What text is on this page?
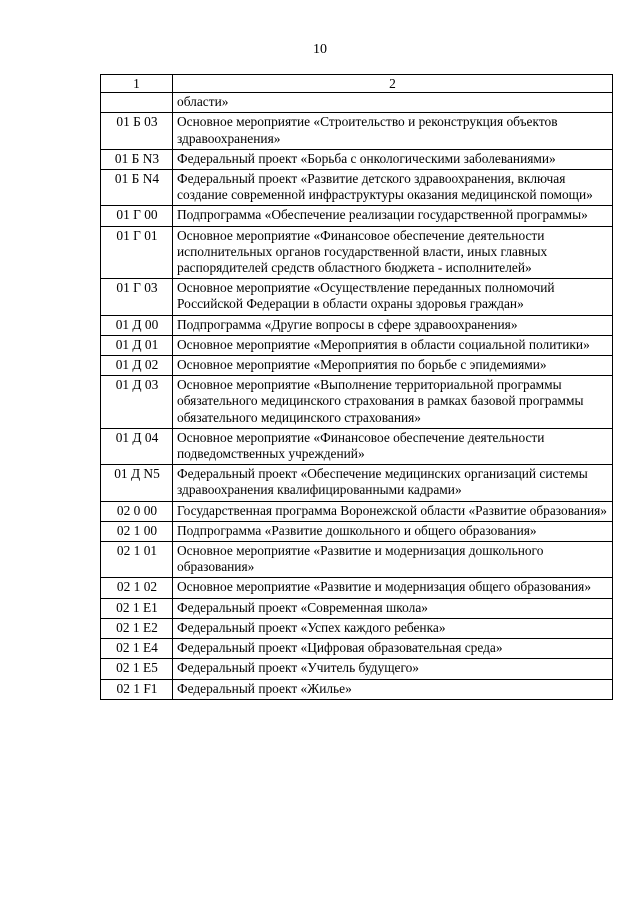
10
1	2
	области»
01 Б 03	Основное мероприятие «Строительство и реконструкция объектов здравоохранения»
01 Б N3	Федеральный проект «Борьба с онкологическими заболеваниями»
01 Б N4	Федеральный проект «Развитие детского здравоохранения, включая создание современной инфраструктуры оказания медицинской помощи»
01 Г 00	Подпрограмма «Обеспечение реализации государственной программы»
01 Г 01	Основное мероприятие «Финансовое обеспечение деятельности исполнительных органов государственной власти, иных главных распорядителей средств областного бюджета - исполнителей»
01 Г 03	Основное мероприятие «Осуществление переданных полномочий Российской Федерации в области охраны здоровья граждан»
01 Д 00	Подпрограмма «Другие вопросы в сфере здравоохранения»
01 Д 01	Основное мероприятие «Мероприятия в области социальной политики»
01 Д 02	Основное мероприятие «Мероприятия по борьбе с эпидемиями»
01 Д 03	Основное мероприятие «Выполнение территориальной программы обязательного медицинского страхования в рамках базовой программы обязательного медицинского страхования»
01 Д 04	Основное мероприятие «Финансовое обеспечение деятельности подведомственных учреждений»
01 Д N5	Федеральный проект «Обеспечение медицинских организаций системы здравоохранения квалифицированными кадрами»
02 0 00	Государственная программа Воронежской области «Развитие образования»
02 1 00	Подпрограмма «Развитие дошкольного и общего образования»
02 1 01	Основное мероприятие «Развитие и модернизация дошкольного образования»
02 1 02	Основное мероприятие «Развитие и модернизация общего образования»
02 1 E1	Федеральный проект «Современная школа»
02 1 E2	Федеральный проект «Успех каждого ребенка»
02 1 E4	Федеральный проект «Цифровая образовательная среда»
02 1 E5	Федеральный проект «Учитель будущего»
02 1 F1	Федеральный проект «Жилье»
